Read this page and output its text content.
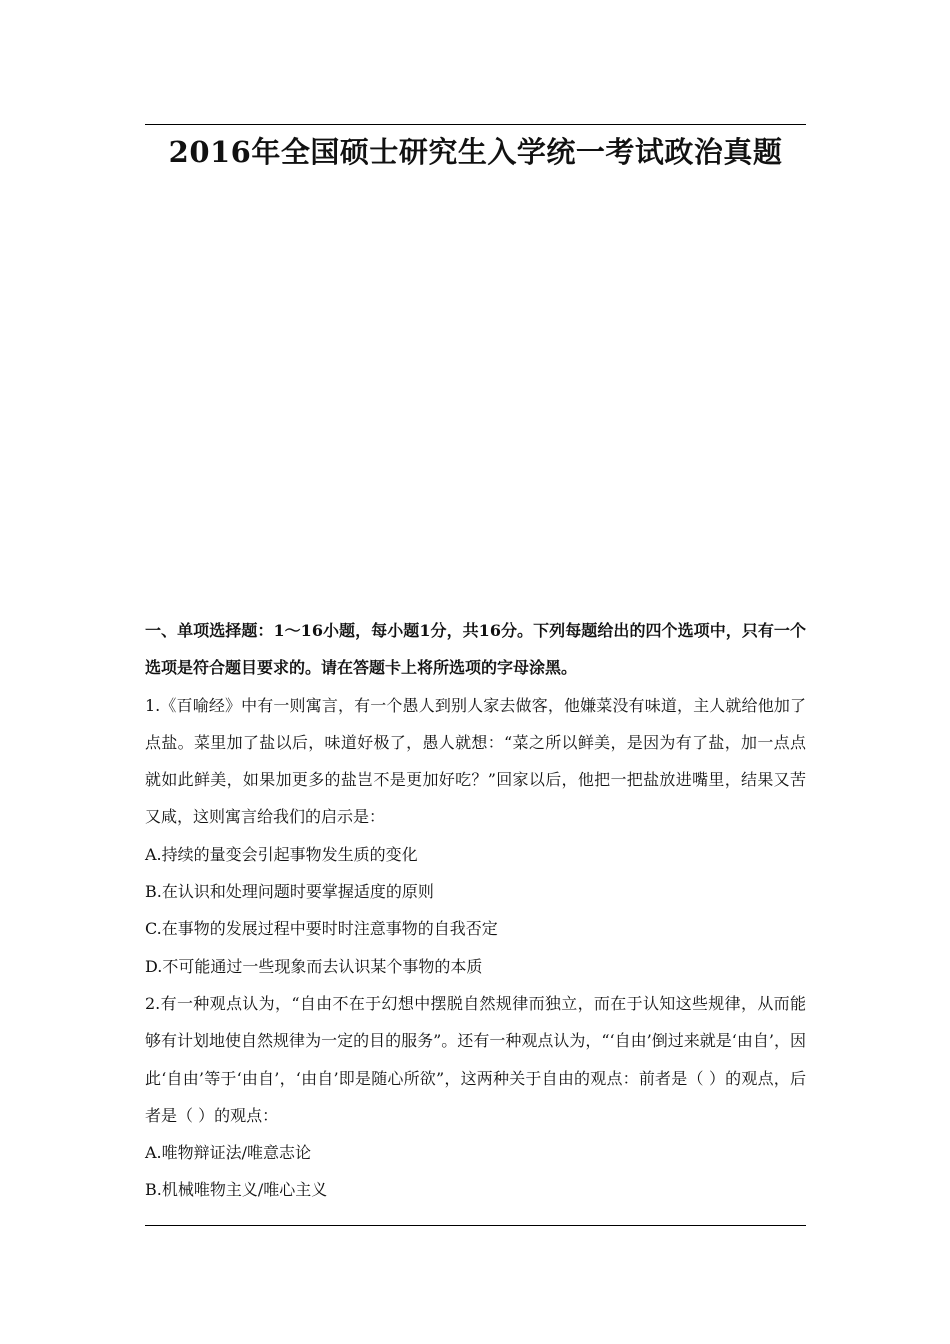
2016年全国硕士研究生入学统一考试政治真题

一、单项选择题：1～16小题，每小题1分，共16分。下列每题给出的四个选项中，只有一个选项是符合题目要求的。请在答题卡上将所选项的字母涂黑。

1.《百喻经》中有一则寓言，有一个愚人到别人家去做客，他嫌菜没有味道，主人就给他加了点盐。菜里加了盐以后，味道好极了，愚人就想：“菜之所以鲜美，是因为有了盐，加一点点就如此鲜美，如果加更多的盐岂不是更加好吃？”回家以后，他把一把盐放进嘴里，结果又苦又咸，这则寓言给我们的启示是：

A.持续的量变会引起事物发生质的变化

B.在认识和处理问题时要掌握适度的原则

C.在事物的发展过程中要时时注意事物的自我否定

D.不可能通过一些现象而去认识某个事物的本质

2.有一种观点认为，“自由不在于幻想中摆脱自然规律而独立，而在于认知这些规律，从而能够有计划地使自然规律为一定的目的服务”。还有一种观点认为，“‘自由’倒过来就是‘由自’，因此‘自由’等于‘由自’，‘由自’即是随心所欲”，这两种关于自由的观点：前者是（ ）的观点，后者是（ ）的观点：

A.唯物辩证法/唯意志论

B.机械唯物主义/唯心主义
